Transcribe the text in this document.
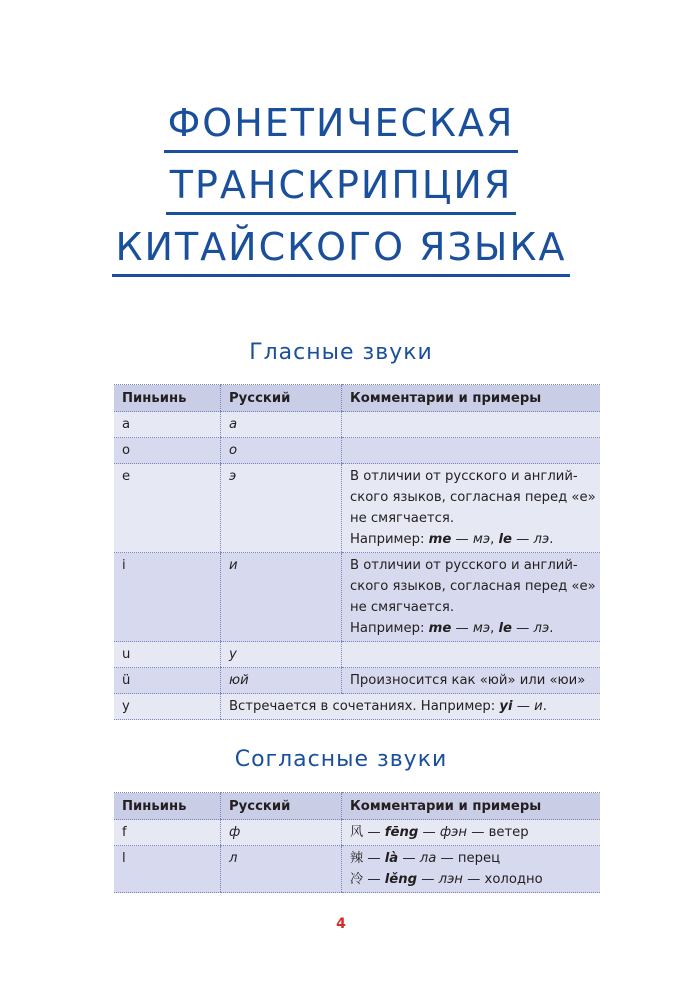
ФОНЕТИЧЕСКАЯ
ТРАНСКРИПЦИЯ
КИТАЙСКОГО ЯЗЫКА
Гласные звуки
Пиньинь	Русский	Комментарии и примеры
a	а	
o	о	
e	э	В отличии от русского и англий-
ского языков, согласная перед «е»
не смягчается.
Например: me — мэ, le — лэ.

i	и	В отличии от русского и англий-
ского языков, согласная перед «е»
не смягчается.
Например: me — мэ, le — лэ.

u	у	
ü	юй	Произносится как «юй» или «юи»
y	Встречается в сочетаниях. Например: yi — и.	
Согласные звуки
Пиньинь	Русский	Комментарии и примеры
f	ф	风 — fēng — фэн — ветер

l	л	辣 — là — ла — перец
冷 — lěng — лэн — холодно
4
